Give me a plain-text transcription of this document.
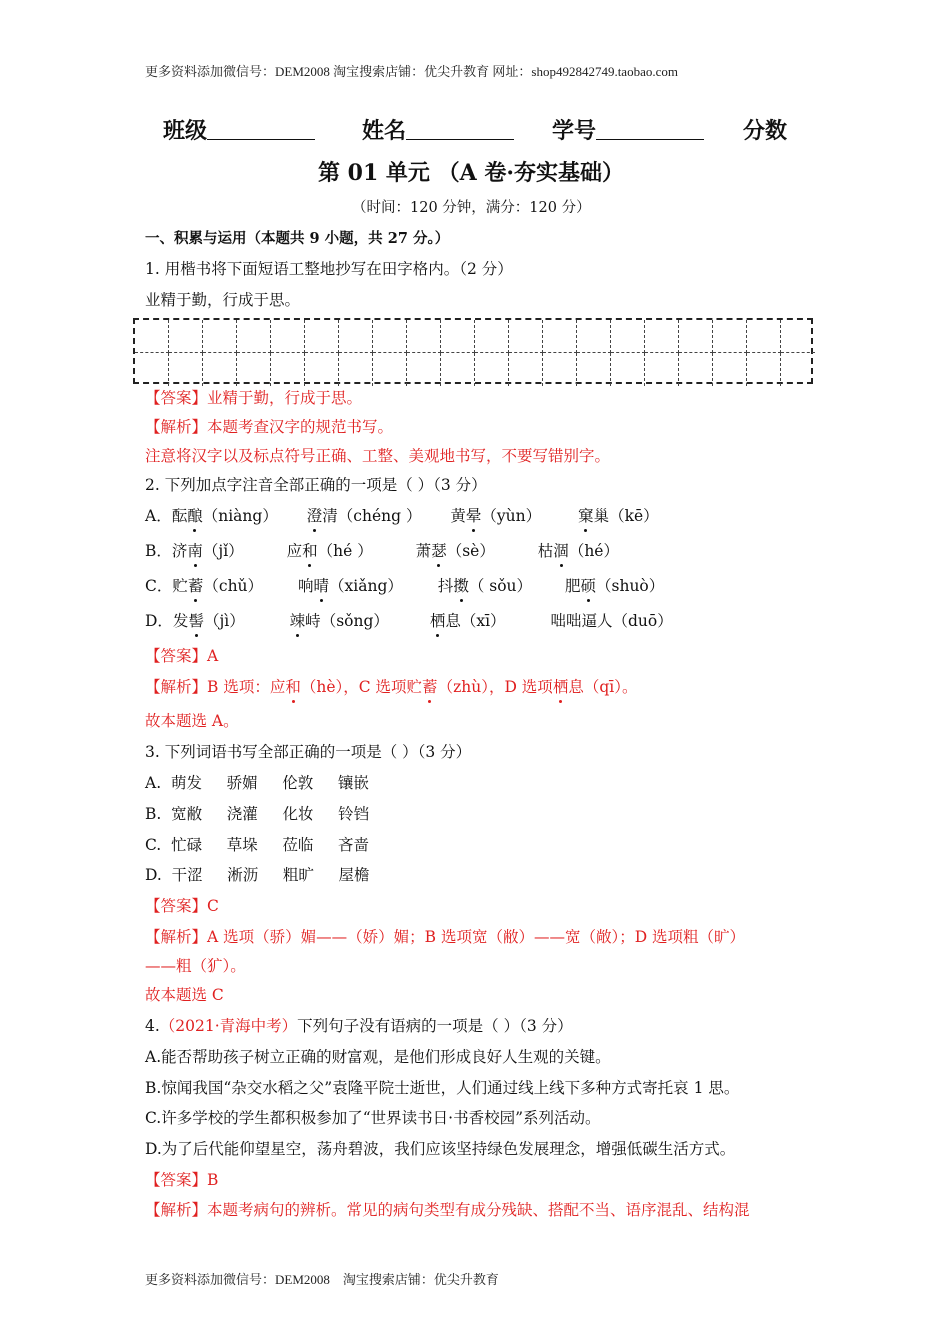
更多资料添加微信号：DEM2008 淘宝搜索店铺：优尖升教育 网址：shop492842749.taobao.com
班级	姓名	学号	分数
第 01 单元 （A 卷·夯实基础）
（时间：120 分钟，满分：120 分）
一、积累与运用（本题共 9 小题，共 27 分。）
1. 用楷书将下面短语工整地抄写在田字格内。（2 分）
业精于勤，行成于思。
【答案】业精于勤，行成于思。
【解析】本题考查汉字的规范书写。
注意将汉字以及标点符号正确、工整、美观地书写，不要写错别字。
2. 下列加点字注音全部正确的一项是（ ）（3 分）
A．酝酿（niàng） 澄清（chéng ） 黄晕（yùn） 窠巢（kē）
B．济南（jǐ）	应和（hé ）	萧瑟（sè）	枯涸（hé）
C．贮蓄（chǔ） 响晴（xiǎng） 抖擞（ sǒu） 肥硕（shuò）
D．发髻（jì）	竦峙（sǒng）	栖息（xī）	咄咄逼人（duō）
【答案】A
【解析】B 选项：应和（hè），C 选项贮蓄（zhù），D 选项栖息（qī）。
故本题选 A。
3. 下列词语书写全部正确的一项是（ ）（3 分）
A.  萌发     骄媚     伦敦     镶嵌
B.  宽敝     浇灌     化妆     铃铛
C.  忙碌     草垛     莅临     吝啬
D.  干涩     淅沥     粗旷     屋檐
【答案】C
【解析】A 选项（骄）媚——（娇）媚；B 选项宽（敝）——宽（敞）；D 选项粗（旷）
——粗（犷）。
故本题选 C
4.（2021·青海中考）下列句子没有语病的一项是（ ）（3 分）
A.能否帮助孩子树立正确的财富观，是他们形成良好人生观的关键。
B.惊闻我国“杂交水稻之父”袁隆平院士逝世，人们通过线上线下多种方式寄托哀 1 思。
C.许多学校的学生都积极参加了“世界读书日·书香校园”系列活动。
D.为了后代能仰望星空，荡舟碧波，我们应该坚持绿色发展理念，增强低碳生活方式。
【答案】B
【解析】本题考病句的辨析。常见的病句类型有成分残缺、搭配不当、语序混乱、结构混
更多资料添加微信号：DEM2008    淘宝搜索店铺：优尖升教育
